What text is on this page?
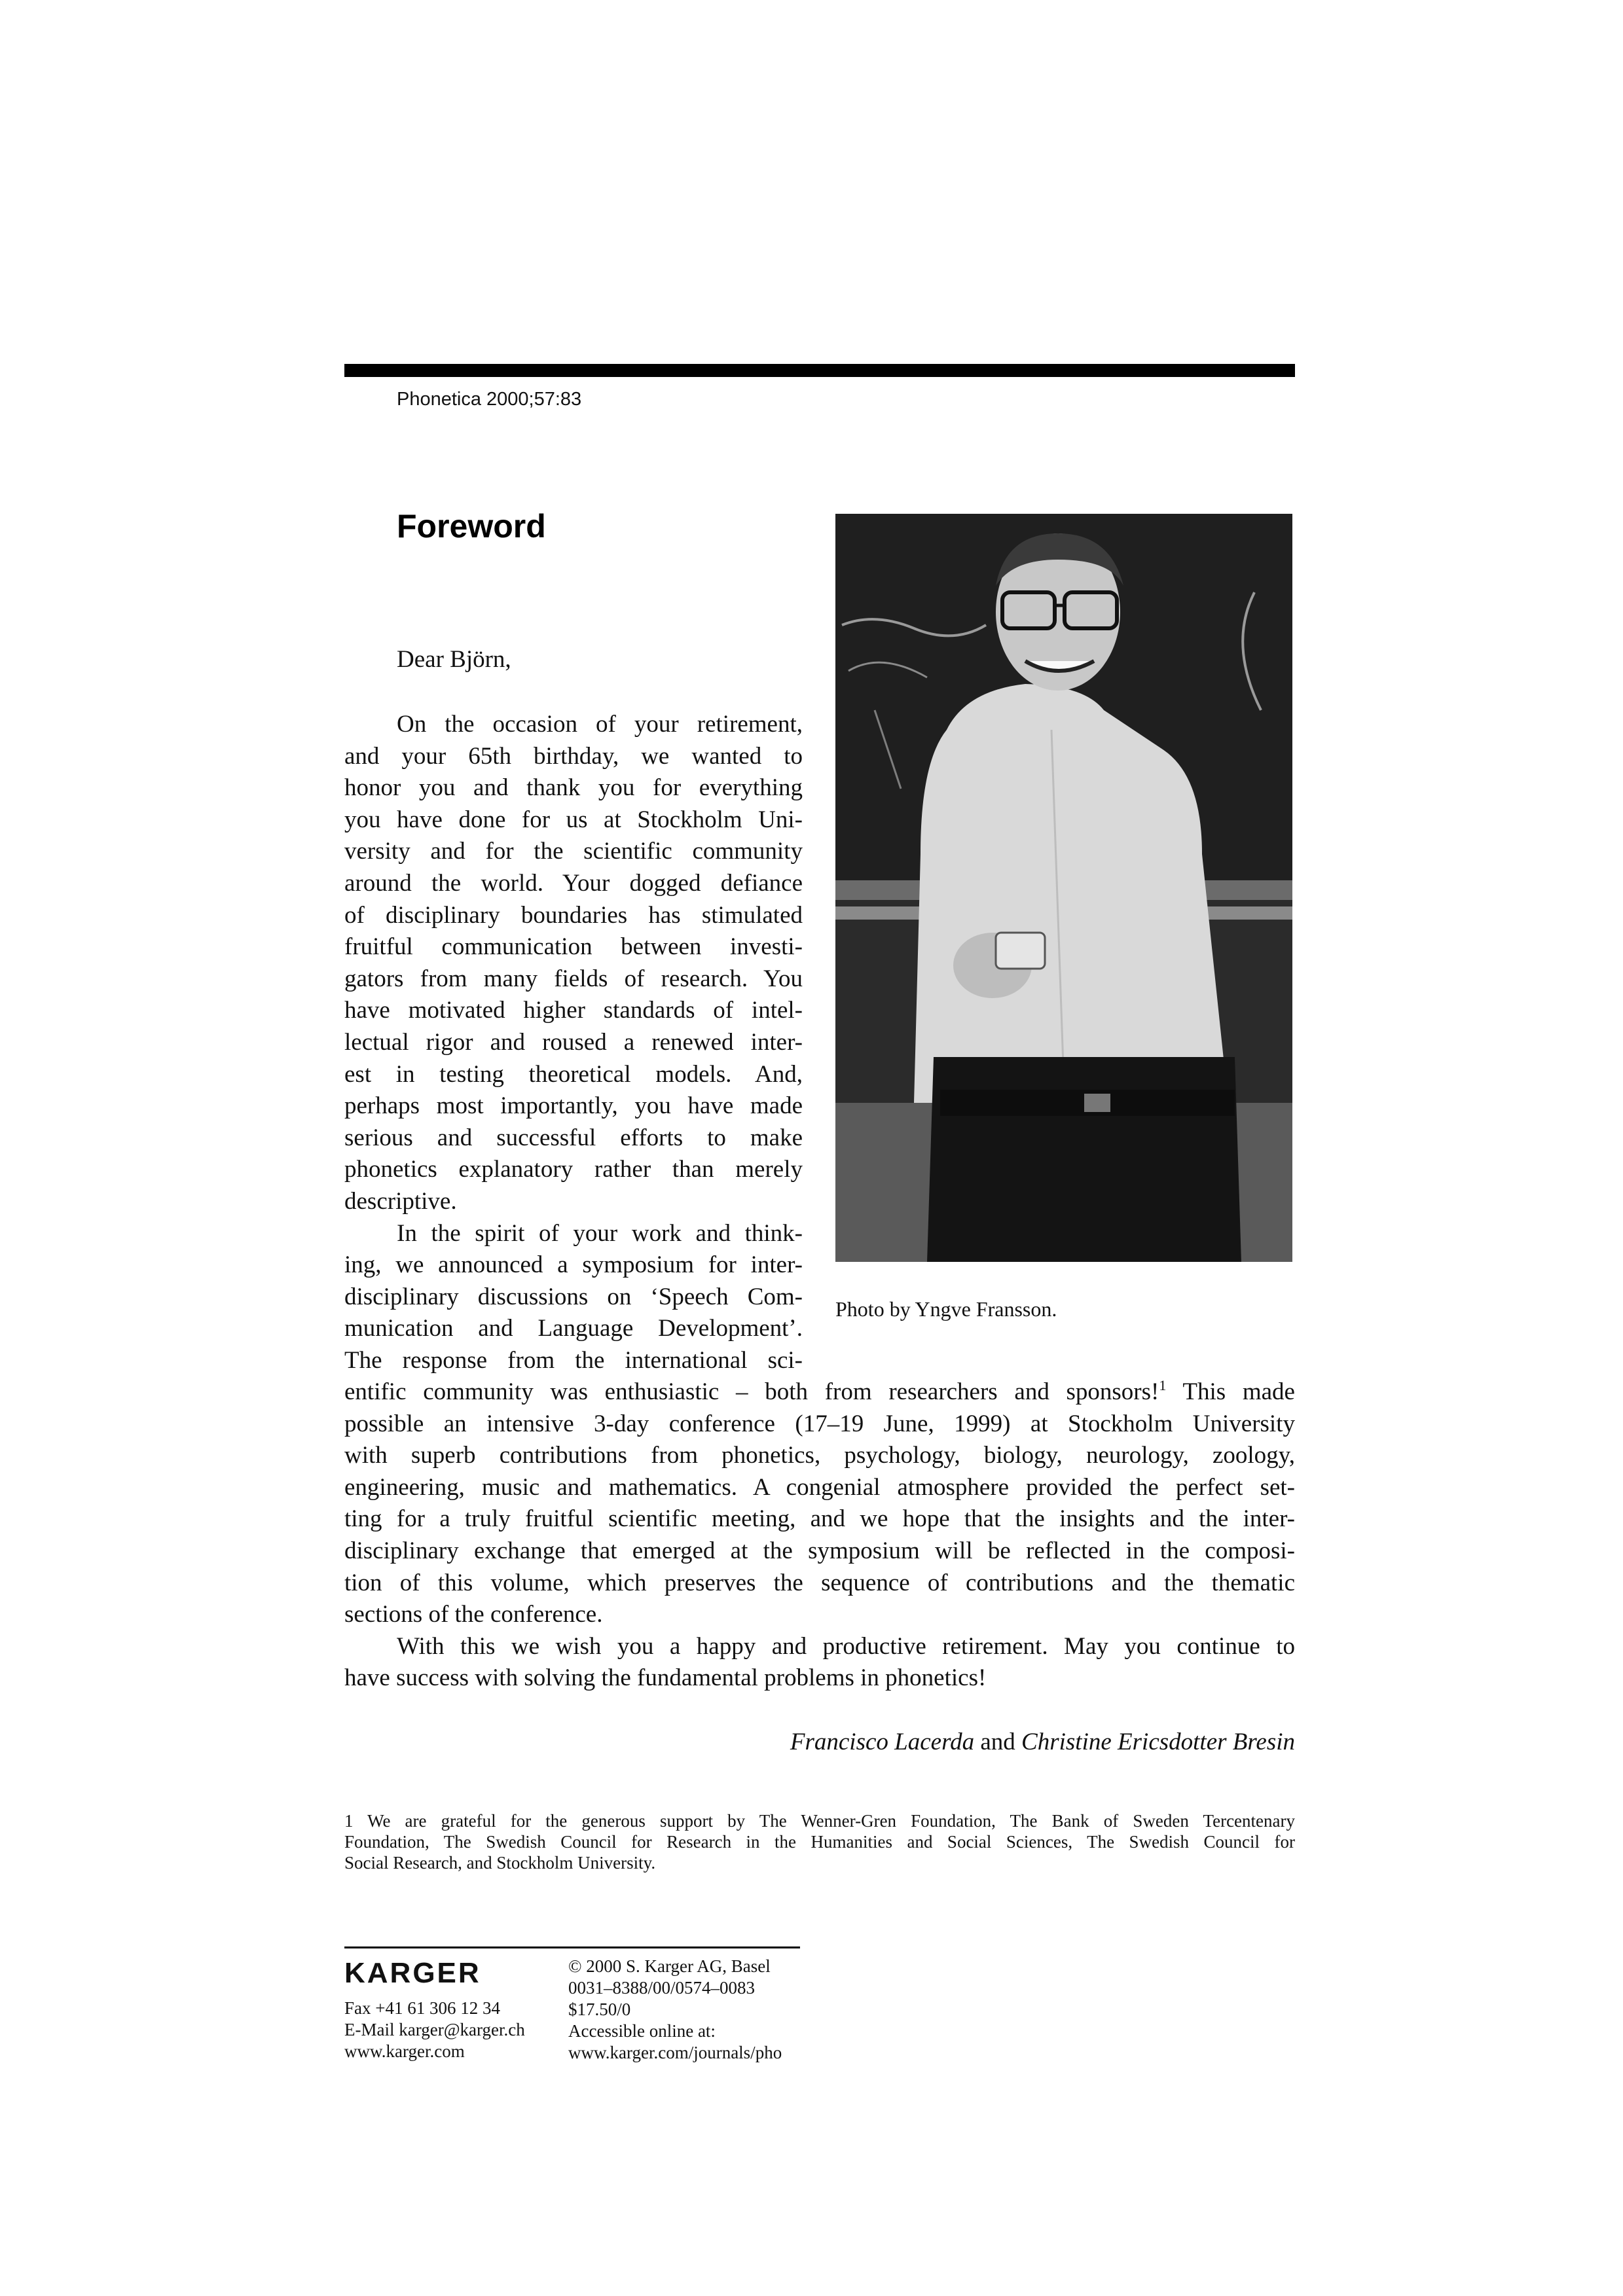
Phonetica 2000;57:83
Foreword
Photo by Yngve Fransson.
Dear Björn,
On the occasion of your retirement,
and your 65th birthday, we wanted to
honor you and thank you for everything
you have done for us at Stockholm Uni-
versity and for the scientific community
around the world. Your dogged defiance
of disciplinary boundaries has stimulated
fruitful communication between investi-
gators from many fields of research. You
have motivated higher standards of intel-
lectual rigor and roused a renewed inter-
est in testing theoretical models. And,
perhaps most importantly, you have made
serious and successful efforts to make
phonetics explanatory rather than merely
descriptive.
In the spirit of your work and think-
ing, we announced a symposium for inter-
disciplinary discussions on ‘Speech Com-
munication and Language Development’.
The response from the international sci-
entific community was enthusiastic – both from researchers and sponsors!$^1$ This made
possible an intensive 3-day conference (17–19 June, 1999) at Stockholm University
with superb contributions from phonetics, psychology, biology, neurology, zoology,
engineering, music and mathematics. A congenial atmosphere provided the perfect set-
ting for a truly fruitful scientific meeting, and we hope that the insights and the inter-
disciplinary exchange that emerged at the symposium will be reflected in the composi-
tion of this volume, which preserves the sequence of contributions and the thematic
sections of the conference.
With this we wish you a happy and productive retirement. May you continue to
have success with solving the fundamental problems in phonetics!
Francisco Lacerda and Christine Ericsdotter Bresin
1 We are grateful for the generous support by The Wenner-Gren Foundation, The Bank of Sweden Tercentenary
Foundation, The Swedish Council for Research in the Humanities and Social Sciences, The Swedish Council for
Social Research, and Stockholm University.
KARGER
Fax +41 61 306 12 34
E-Mail karger@karger.ch
www.karger.com
© 2000 S. Karger AG, Basel
0031–8388/00/0574–0083
$17.50/0
Accessible online at:
www.karger.com/journals/pho
